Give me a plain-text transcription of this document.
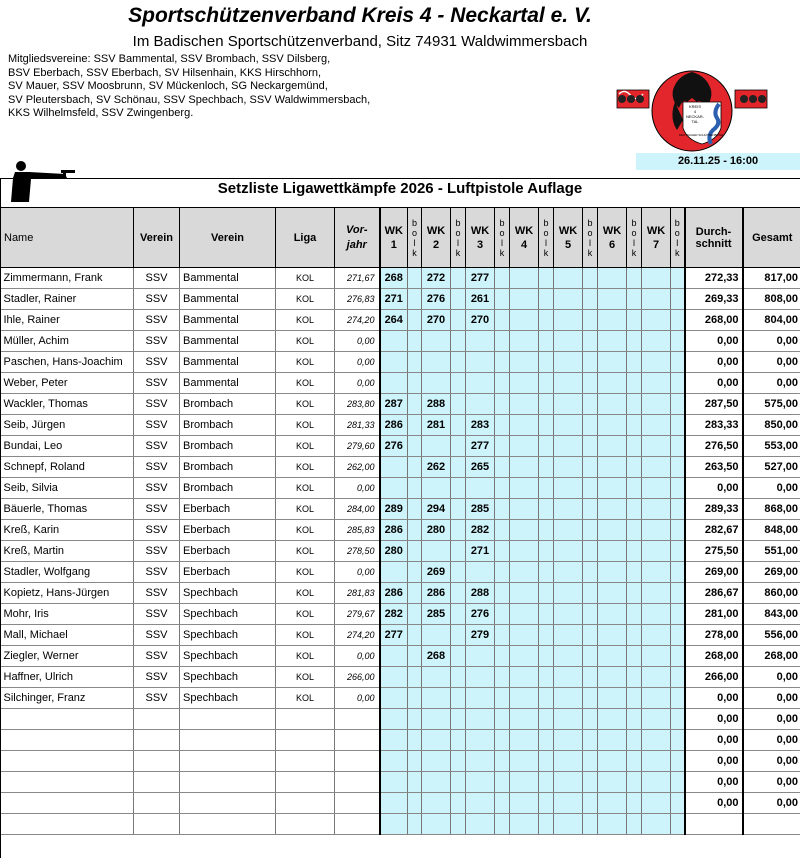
Sportschützenverband Kreis 4 - Neckartal e. V.
Im Badischen Sportschützenverband, Sitz 74931 Waldwimmersbach
Mitgliedsvereine: SSV Bammental, SSV Brombach, SSV Dilsberg,
BSV Eberbach, SSV Eberbach, SV Hilsenhain, KKS Hirschhorn,
SV Mauer, SSV Moosbrunn, SV Mückenloch, SG Neckargemünd,
SV Pleutersbach, SV Schönau, SSV Spechbach, SSV Waldwimmersbach,
KKS Wilhelmsfeld, SSV Zwingenberg.
KREIS
4
NECKAR-
TAL
DEUTSCHER SCHÜTZENBUND
26.11.25 - 16:00
Setzliste Ligawettkämpfe 2026 - Luftpistole Auflage
Name	Verein	Verein	Liga	Vor-
jahr	WK
1	b
o
l
k	WK
2	b
o
l
k	WK
3	b
o
l
k	WK
4	b
o
l
k	WK
5	b
o
l
k	WK
6	b
o
l
k	WK
7	b
o
l
k	Durch-
schnitt	Gesamt
Zimmermann, Frank	SSV	Bammental	KOL	271,67	268		272		277										272,33	817,00
Stadler, Rainer	SSV	Bammental	KOL	276,83	271		276		261										269,33	808,00
Ihle, Rainer	SSV	Bammental	KOL	274,20	264		270		270										268,00	804,00
Müller, Achim	SSV	Bammental	KOL	0,00															0,00	0,00
Paschen, Hans-Joachim	SSV	Bammental	KOL	0,00															0,00	0,00
Weber, Peter	SSV	Bammental	KOL	0,00															0,00	0,00
Wackler, Thomas	SSV	Brombach	KOL	283,80	287		288												287,50	575,00
Seib, Jürgen	SSV	Brombach	KOL	281,33	286		281		283										283,33	850,00
Bundai, Leo	SSV	Brombach	KOL	279,60	276				277										276,50	553,00
Schnepf, Roland	SSV	Brombach	KOL	262,00			262		265										263,50	527,00
Seib, Silvia	SSV	Brombach	KOL	0,00															0,00	0,00
Bäuerle, Thomas	SSV	Eberbach	KOL	284,00	289		294		285										289,33	868,00
Kreß, Karin	SSV	Eberbach	KOL	285,83	286		280		282										282,67	848,00
Kreß, Martin	SSV	Eberbach	KOL	278,50	280				271										275,50	551,00
Stadler, Wolfgang	SSV	Eberbach	KOL	0,00			269												269,00	269,00
Kopietz, Hans-Jürgen	SSV	Spechbach	KOL	281,83	286		286		288										286,67	860,00
Mohr, Iris	SSV	Spechbach	KOL	279,67	282		285		276										281,00	843,00
Mall, Michael	SSV	Spechbach	KOL	274,20	277				279										278,00	556,00
Ziegler, Werner	SSV	Spechbach	KOL	0,00			268												268,00	268,00
Haffner, Ulrich	SSV	Spechbach	KOL	266,00															266,00	0,00
Silchinger, Franz	SSV	Spechbach	KOL	0,00															0,00	0,00
																			0,00	0,00
																			0,00	0,00
																			0,00	0,00
																			0,00	0,00
																			0,00	0,00
